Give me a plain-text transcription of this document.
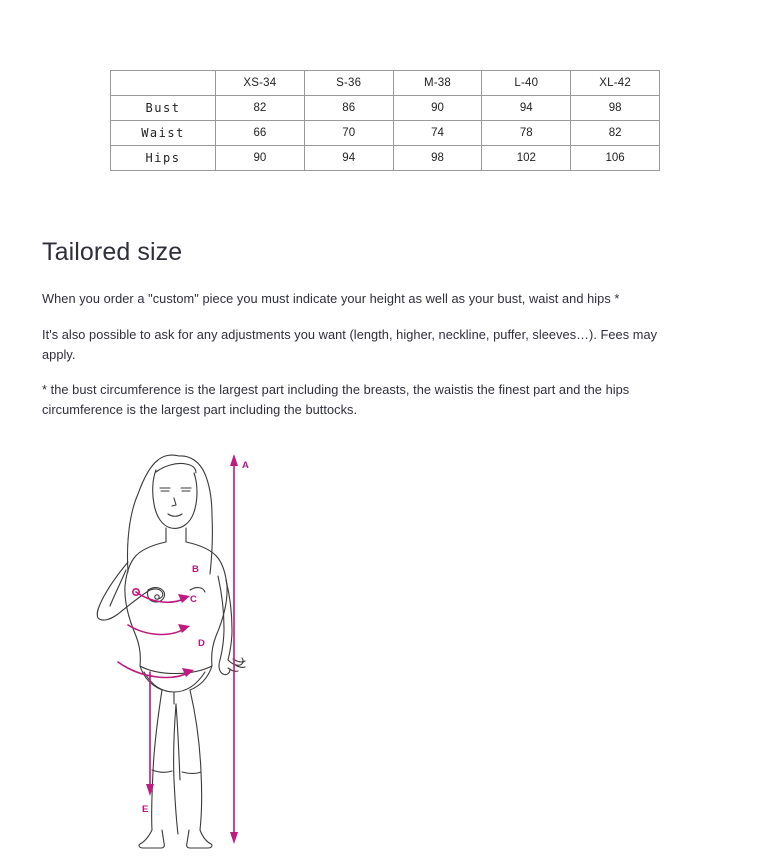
	XS-34	S-36	M-38	L-40	XL-42
Bust	82	86	90	94	98
Waist	66	70	74	78	82
Hips	90	94	98	102	106
Tailored size

When you order a "custom" piece you must indicate your height as well as your bust, waist and hips *

It's also possible to ask for any adjustments you want (length, higher, neckline, puffer, sleeves…). Fees may apply.

* the bust circumference is the largest part including the breasts, the waistis the finest part and the hips circumference is the largest part including the buttocks.

A
B
C
D
E
